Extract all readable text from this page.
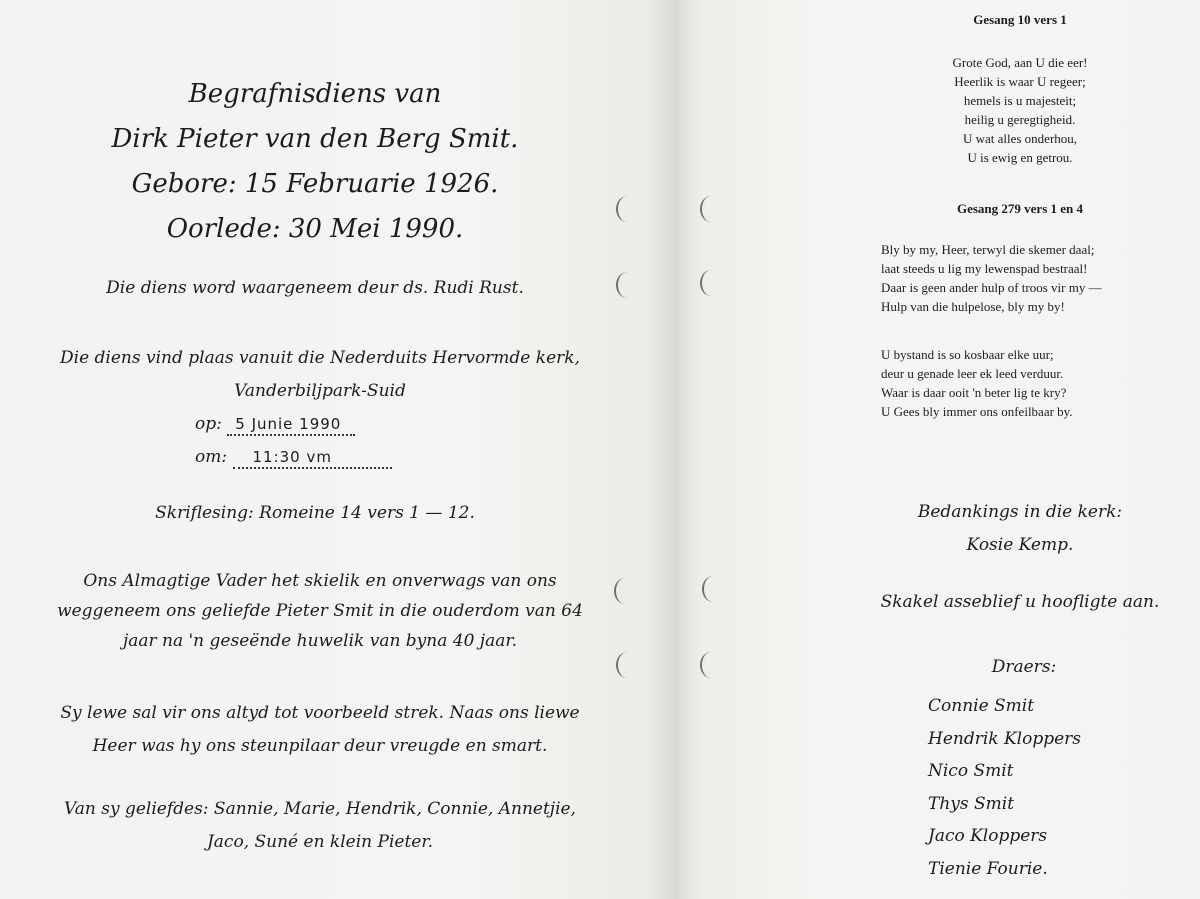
Begrafnisdiens van
Dirk Pieter van den Berg Smit.
Gebore: 15 Februarie 1926.
Oorlede: 30 Mei 1990.
Die diens word waargeneem deur ds. Rudi Rust.
Die diens vind plaas vanuit die Nederduits Hervormde kerk,
Vanderbiljpark-Suid
op: 5 Junie 1990
om: 11:30 vm
Skriflesing: Romeine 14 vers 1 — 12.
Ons Almagtige Vader het skielik en onverwags van ons
weggeneem ons geliefde Pieter Smit in die ouderdom van 64
jaar na 'n geseënde huwelik van byna 40 jaar.
Sy lewe sal vir ons altyd tot voorbeeld strek. Naas ons liewe
Heer was hy ons steunpilaar deur vreugde en smart.
Van sy geliefdes: Sannie, Marie, Hendrik, Connie, Annetjie,
Jaco, Suné en klein Pieter.
Gesang 10 vers 1
Grote God, aan U die eer!
Heerlik is waar U regeer;
hemels is u majesteit;
heilig u geregtigheid.
U wat alles onderhou,
U is ewig en getrou.
Gesang 279 vers 1 en 4
Bly by my, Heer, terwyl die skemer daal;
laat steeds u lig my lewenspad bestraal!
Daar is geen ander hulp of troos vir my —
Hulp van die hulpelose, bly my by!
U bystand is so kosbaar elke uur;
deur u genade leer ek leed verduur.
Waar is daar ooit 'n beter lig te kry?
U Gees bly immer ons onfeilbaar by.
Bedankings in die kerk:
Kosie Kemp.
Skakel asseblief u hoofligte aan.
Draers:
Connie Smit
Hendrik Kloppers
Nico Smit
Thys Smit
Jaco Kloppers
Tienie Fourie.
